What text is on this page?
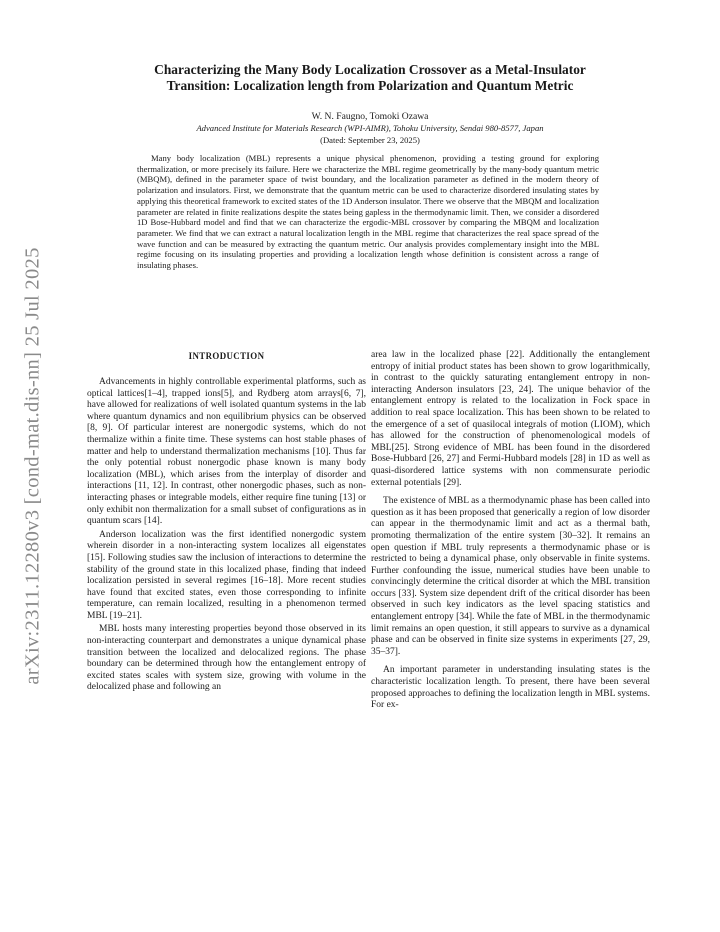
arXiv:2311.12280v3 [cond-mat.dis-nn] 25 Jul 2025
Characterizing the Many Body Localization Crossover as a Metal-Insulator
Transition: Localization length from Polarization and Quantum Metric
W. N. Faugno, Tomoki Ozawa
Advanced Institute for Materials Research (WPI-AIMR), Tohoku University, Sendai 980-8577, Japan
(Dated: September 23, 2025)
Many body localization (MBL) represents a unique physical phenomenon, providing a testing ground for exploring thermalization, or more precisely its failure. Here we characterize the MBL regime geometrically by the many-body quantum metric (MBQM), defined in the parameter space of twist boundary, and the localization parameter as defined in the modern theory of polarization and insulators. First, we demonstrate that the quantum metric can be used to characterize disordered insulating states by applying this theoretical framework to excited states of the 1D Anderson insulator. There we observe that the MBQM and localization parameter are related in finite realizations despite the states being gapless in the thermodynamic limit. Then, we consider a disordered 1D Bose-Hubbard model and find that we can characterize the ergodic-MBL crossover by comparing the MBQM and localization parameter. We find that we can extract a natural localization length in the MBL regime that characterizes the real space spread of the wave function and can be measured by extracting the quantum metric. Our analysis provides complementary insight into the MBL regime focusing on its insulating properties and providing a localization length whose definition is consistent across a range of insulating phases.
INTRODUCTION

Advancements in highly controllable experimental platforms, such as optical lattices[1–4], trapped ions[5], and Rydberg atom arrays[6, 7], have allowed for realizations of well isolated quantum systems in the lab where quantum dynamics and non equilibrium physics can be observed [8, 9]. Of particular interest are nonergodic systems, which do not thermalize within a finite time. These systems can host stable phases of matter and help to understand thermalization mechanisms [10]. Thus far the only potential robust nonergodic phase known is many body localization (MBL), which arises from the interplay of disorder and interactions [11, 12]. In contrast, other nonergodic phases, such as non-interacting phases or integrable models, either require fine tuning [13] or only exhibit non thermalization for a small subset of configurations as in quantum scars [14].

Anderson localization was the first identified nonergodic system wherein disorder in a non-interacting system localizes all eigenstates [15]. Following studies saw the inclusion of interactions to determine the stability of the ground state in this localized phase, finding that indeed localization persisted in several regimes [16–18]. More recent studies have found that excited states, even those corresponding to infinite temperature, can remain localized, resulting in a phenomenon termed MBL [19–21].

MBL hosts many interesting properties beyond those observed in its non-interacting counterpart and demonstrates a unique dynamical phase transition between the localized and delocalized regions. The phase boundary can be determined through how the entanglement entropy of excited states scales with system size, growing with volume in the delocalized phase and following an

area law in the localized phase [22]. Additionally the entanglement entropy of initial product states has been shown to grow logarithmically, in contrast to the quickly saturating entanglement entropy in non-interacting Anderson insulators [23, 24]. The unique behavior of the entanglement entropy is related to the localization in Fock space in addition to real space localization. This has been shown to be related to the emergence of a set of quasilocal integrals of motion (LIOM), which has allowed for the construction of phenomenological models of MBL[25]. Strong evidence of MBL has been found in the disordered Bose-Hubbard [26, 27] and Fermi-Hubbard models [28] in 1D as well as quasi-disordered lattice systems with non commensurate periodic external potentials [29].

The existence of MBL as a thermodynamic phase has been called into question as it has been proposed that generically a region of low disorder can appear in the thermodynamic limit and act as a thermal bath, promoting thermalization of the entire system [30–32]. It remains an open question if MBL truly represents a thermodynamic phase or is restricted to being a dynamical phase, only observable in finite systems. Further confounding the issue, numerical studies have been unable to convincingly determine the critical disorder at which the MBL transition occurs [33]. System size dependent drift of the critical disorder has been observed in such key indicators as the level spacing statistics and entanglement entropy [34]. While the fate of MBL in the thermodynamic limit remains an open question, it still appears to survive as a dynamical phase and can be observed in finite size systems in experiments [27, 29, 35–37].

An important parameter in understanding insulating states is the characteristic localization length. To present, there have been several proposed approaches to defining the localization length in MBL systems. For ex-
